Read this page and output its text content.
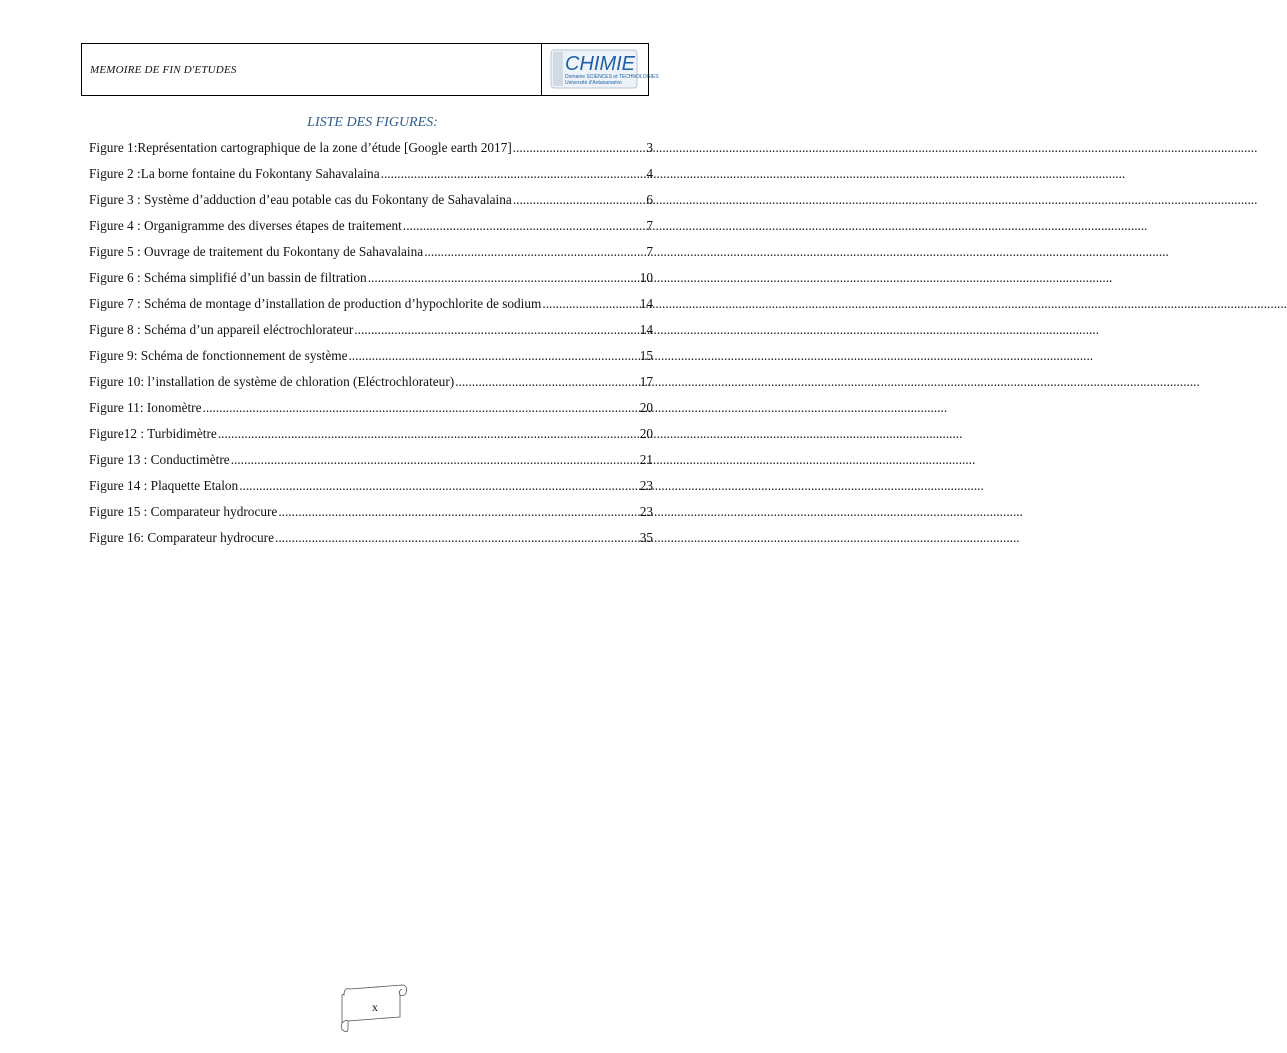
MEMOIRE DE FIN D'ETUDES	CHIMIE
Domaine SCIENCES et TECHNOLOGIES
Université d'Antananarivo
LISTE DES FIGURES:
Figure 1:Représentation cartographique de la zone d’étude [Google earth 2017] .....	3
Figure 2 :La borne fontaine du Fokontany Sahavalaina .....	4
Figure 3 : Système d’adduction d’eau potable cas du Fokontany de Sahavalaina .....	6
Figure 4 : Organigramme des diverses étapes de traitement .....	7
Figure 5 : Ouvrage de traitement du Fokontany de Sahavalaina .....	7
Figure 6 : Schéma simplifié d’un bassin de filtration .....	10
Figure 7 : Schéma de montage d’installation de production d’hypochlorite de sodium .....	14
Figure 8 : Schéma d’un appareil eléctrochlorateur .....	14
Figure 9: Schéma de fonctionnement de système .....	15
Figure 10: l’installation de système de chloration (Eléctrochlorateur) .....	17
Figure 11: Ionomètre .....	20
Figure12 : Turbidimètre .....	20
Figure 13 : Conductimètre .....	21
Figure 14 : Plaquette Etalon .....	23
Figure 15 : Comparateur hydrocure .....	23
Figure 16: Comparateur hydrocure .....	35
x
